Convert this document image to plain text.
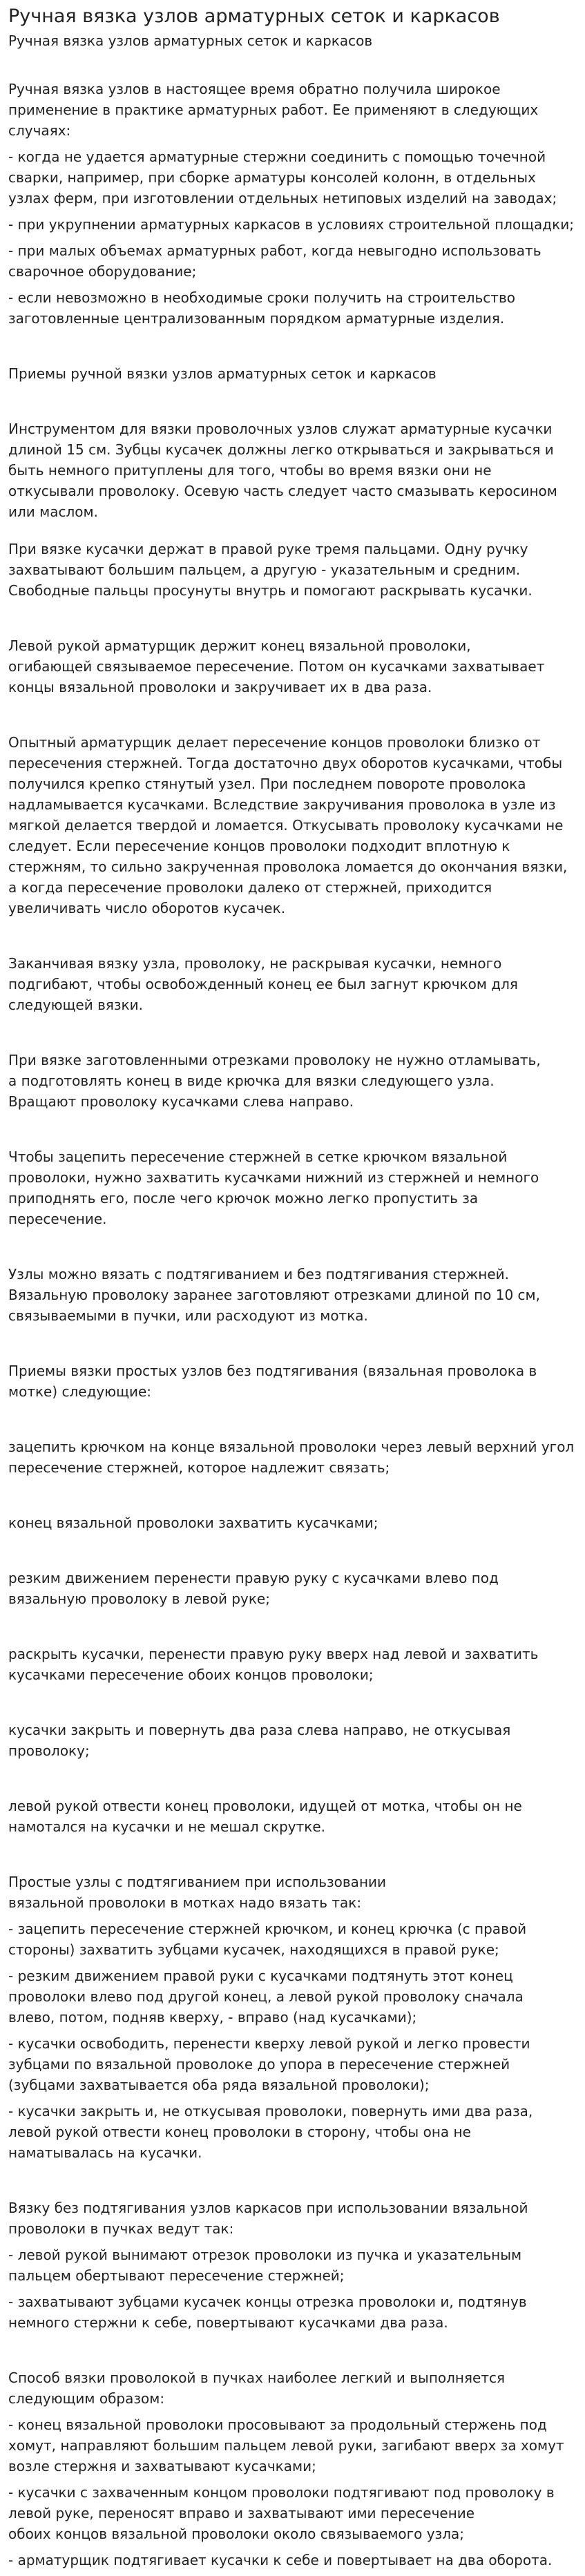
Ручная вязка узлов арматурных сеток и каркасов
Ручная вязка узлов арматурных сеток и каркасов
Ручная вязка узлов в настоящее время обратно получила широкое применение в практике арматурных работ. Ее применяют в следующих случаях:
- когда не удается арматурные стержни соединить с помощью точечной сварки, например, при сборке арматуры консолей колонн, в отдельных узлах ферм, при изготовлении отдельных нетиповых изделий на заводах;
- при укрупнении арматурных каркасов в условиях строительной площадки;
- при малых объемах арматурных работ, когда невыгодно использовать сварочное оборудование;
- если невозможно в необходимые сроки получить на строительство
заготовленные централизованным порядком арматурные изделия.
Приемы ручной вязки узлов арматурных сеток и каркасов
Инструментом для вязки проволочных узлов служат арматурные кусачки длиной 15 см. Зубцы кусачек должны легко открываться и закрываться и быть немного притуплены для того, чтобы во время вязки они не откусывали проволоку. Осевую часть следует часто смазывать керосином или маслом.
При вязке кусачки держат в правой руке тремя пальцами. Одну ручку захватывают большим пальцем, а другую - указательным и средним. Свободные пальцы просунуты внутрь и помогают раскрывать кусачки.
Левой рукой арматурщик держит конец вязальной проволоки,
огибающей связываемое пересечение. Потом он кусачками захватывает концы вязальной проволоки и закручивает их в два раза.
Опытный арматурщик делает пересечение концов проволоки близко от пересечения стержней. Тогда достаточно двух оборотов кусачками, чтобы получился крепко стянутый узел. При последнем повороте проволока надламывается кусачками. Вследствие закручивания проволока в узле из мягкой делается твердой и ломается. Откусывать проволоку кусачками не следует. Если пересечение концов проволоки подходит вплотную к стержням, то сильно закрученная проволока ломается до окончания вязки, а когда пересечение проволоки далеко от стержней, приходится увеличивать число оборотов кусачек.
Заканчивая вязку узла, проволоку, не раскрывая кусачки, немного подгибают, чтобы освобожденный конец ее был загнут крючком для следующей вязки.
При вязке заготовленными отрезками проволоку не нужно отламывать,
а подготовлять конец в виде крючка для вязки следующего узла.
Вращают проволоку кусачками слева направо.
Чтобы зацепить пересечение стержней в сетке крючком вязальной проволоки, нужно захватить кусачками нижний из стержней и немного приподнять его, после чего крючок можно легко пропустить за пересечение.
Узлы можно вязать с подтягиванием и без подтягивания стержней. Вязальную проволоку заранее заготовляют отрезками длиной по 10 см, связываемыми в пучки, или расходуют из мотка.
Приемы вязки простых узлов без подтягивания (вязальная проволока в мотке) следующие:
зацепить крючком на конце вязальной проволоки через левый верхний угол пересечение стержней, которое надлежит связать;
конец вязальной проволоки захватить кусачками;
резким движением перенести правую руку с кусачками влево под вязальную проволоку в левой руке;
раскрыть кусачки, перенести правую руку вверх над левой и захватить кусачками пересечение обоих концов проволоки;
кусачки закрыть и повернуть два раза слева направо, не откусывая проволоку;
левой рукой отвести конец проволоки, идущей от мотка, чтобы он не намотался на кусачки и не мешал скрутке.
Простые узлы с подтягиванием при использовании
вязальной проволоки в мотках надо вязать так:
- зацепить пересечение стержней крючком, и конец крючка (с правой стороны) захватить зубцами кусачек, находящихся в правой руке;
- резким движением правой руки с кусачками подтянуть этот конец проволоки влево под другой конец, а левой рукой проволоку сначала
влево, потом, подняв кверху, - вправо (над кусачками);
- кусачки освободить, перенести кверху левой рукой и легко провести зубцами по вязальной проволоке до упора в пересечение стержней (зубцами захватывается оба ряда вязальной проволоки);
- кусачки закрыть и, не откусывая проволоки, повернуть ими два раза, левой рукой отвести конец проволоки в сторону, чтобы она не наматывалась на кусачки.
Вязку без подтягивания узлов каркасов при использовании вязальной проволоки в пучках ведут так:
- левой рукой вынимают отрезок проволоки из пучка и указательным пальцем обертывают пересечение стержней;
- захватывают зубцами кусачек концы отрезка проволоки и, подтянув немного стержни к себе, повертывают кусачками два раза.
Способ вязки проволокой в пучках наиболее легкий и выполняется следующим образом:
- конец вязальной проволоки просовывают за продольный стержень под хомут, направляют большим пальцем левой руки, загибают вверх за хомут возле стержня и захватывают кусачками;
- кусачки с захваченным концом проволоки подтягивают под проволоку в левой руке, переносят вправо и захватывают ими пересечение
обоих концов вязальной проволоки около связываемого узла;
- арматурщик подтягивает кусачки к себе и повертывает на два оборота.
